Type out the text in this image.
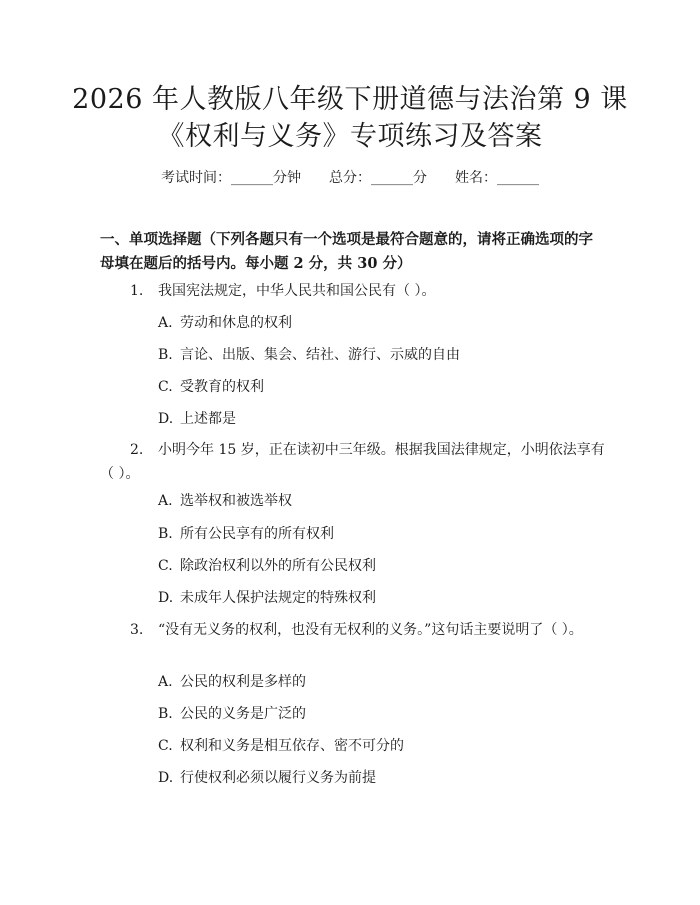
2026 年人教版八年级下册道德与法治第 9 课
《权利与义务》专项练习及答案
考试时间：______分钟 总分：______分 姓名：______
一、单项选择题（下列各题只有一个选项是最符合题意的，请将正确选项的字母填在题后的括号内。每小题 2 分，共 30 分）
1. 我国宪法规定，中华人民共和国公民有（ ）。
A. 劳动和休息的权利
B. 言论、出版、集会、结社、游行、示威的自由
C. 受教育的权利
D. 上述都是
2. 小明今年 15 岁，正在读初中三年级。根据我国法律规定，小明依法享有（ ）。
A. 选举权和被选举权
B. 所有公民享有的所有权利
C. 除政治权利以外的所有公民权利
D. 未成年人保护法规定的特殊权利
3. “没有无义务的权利，也没有无权利的义务。”这句话主要说明了（ ）。
A. 公民的权利是多样的
B. 公民的义务是广泛的
C. 权利和义务是相互依存、密不可分的
D. 行使权利必须以履行义务为前提
